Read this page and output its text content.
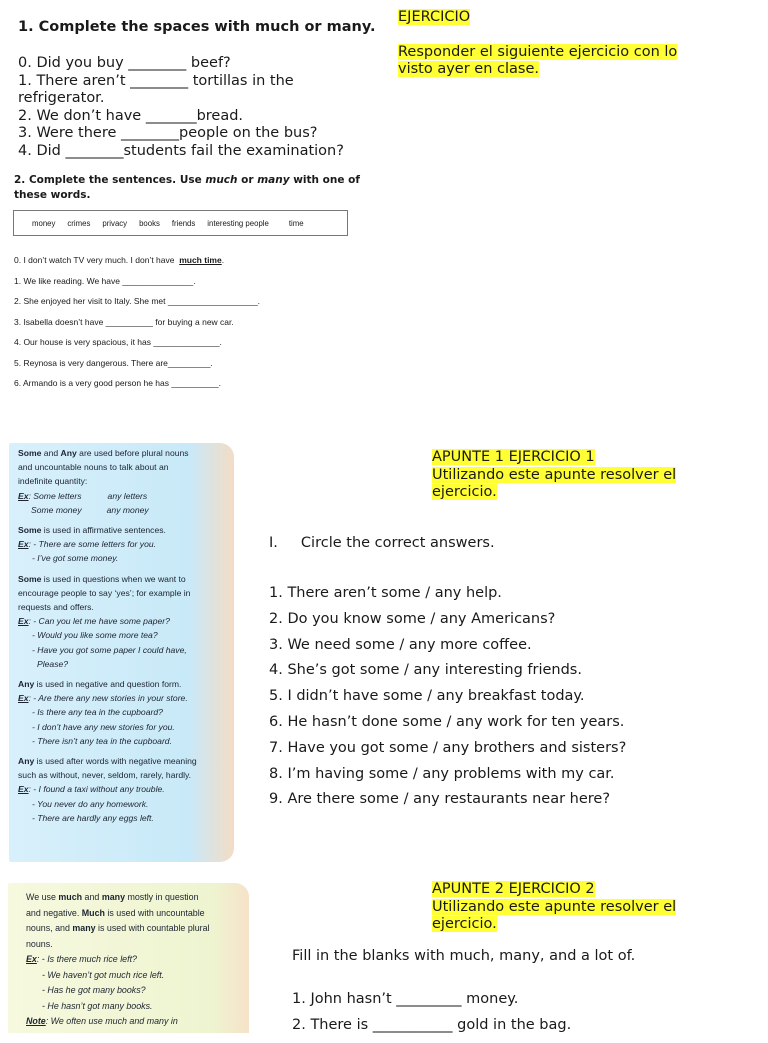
1. Complete the spaces with much or many.
0. Did you buy ________ beef?
1. There aren’t ________ tortillas in the refrigerator.
2. We don’t have _______bread.
3. Were there ________people on the bus?
4. Did ________students fail the examination?
EJERCICIO
Responder el siguiente ejercicio con lo visto ayer en clase.
2. Complete the sentences. Use much or many with one of these words.
money crimes privacy books friends interesting people	time
0. I don’t watch TV very much. I don’t have  much time.
1. We like reading. We have _______________.
2. She enjoyed her visit to Italy. She met ___________________.
3. Isabella doesn’t have __________ for buying a new car.
4. Our house is very spacious, it has ______________.
5. Reynosa is very dangerous. There are_________.
6. Armando is a very good person he has __________.
Some and Any are used before plural nouns
and uncountable nouns to talk about an
indefinite quantity:
Ex: Some letters	any letters
Some money	any money
Some is used in affirmative sentences.
Ex: - There are some letters for you.
- I’ve got some money.
Some is used in questions when we want to
encourage people to say ‘yes’; for example in
requests and offers.
Ex: - Can you let me have some paper?
- Would you like some more tea?
- Have you got some paper I could have,
Please?
Any is used in negative and question form.
Ex: - Are there any new stories in your store.
- Is there any tea in the cupboard?
- I don’t have any new stories for you.
- There isn’t any tea in the cupboard.
Any is used after words with negative meaning
such as without, never, seldom, rarely, hardly.
Ex: - I found a taxi without any trouble.
- You never do any homework.
- There are hardly any eggs left.
APUNTE 1 EJERCICIO 1
Utilizando este apunte resolver el ejercicio.
I.     Circle the correct answers.
1. There aren’t some / any help.
2. Do you know some / any Americans?
3. We need some / any more coffee.
4. She’s got some / any interesting friends.
5. I didn’t have some / any breakfast today.
6. He hasn’t done some / any work for ten years.
7. Have you got some / any brothers and sisters?
8. I’m having some / any problems with my car.
9. Are there some / any restaurants near here?
We use much and many mostly in question
and negative. Much is used with uncountable
nouns, and many is used with countable plural
nouns.
Ex: - Is there much rice left?
- We haven’t got much rice left.
- Has he got many books?
- He hasn’t got many books.
Note: We often use much and many in
APUNTE 2 EJERCICIO 2
Utilizando este apunte resolver el ejercicio.
Fill in the blanks with much, many, and a lot of.
1. John hasn’t _________ money.
2. There is ___________ gold in the bag.
